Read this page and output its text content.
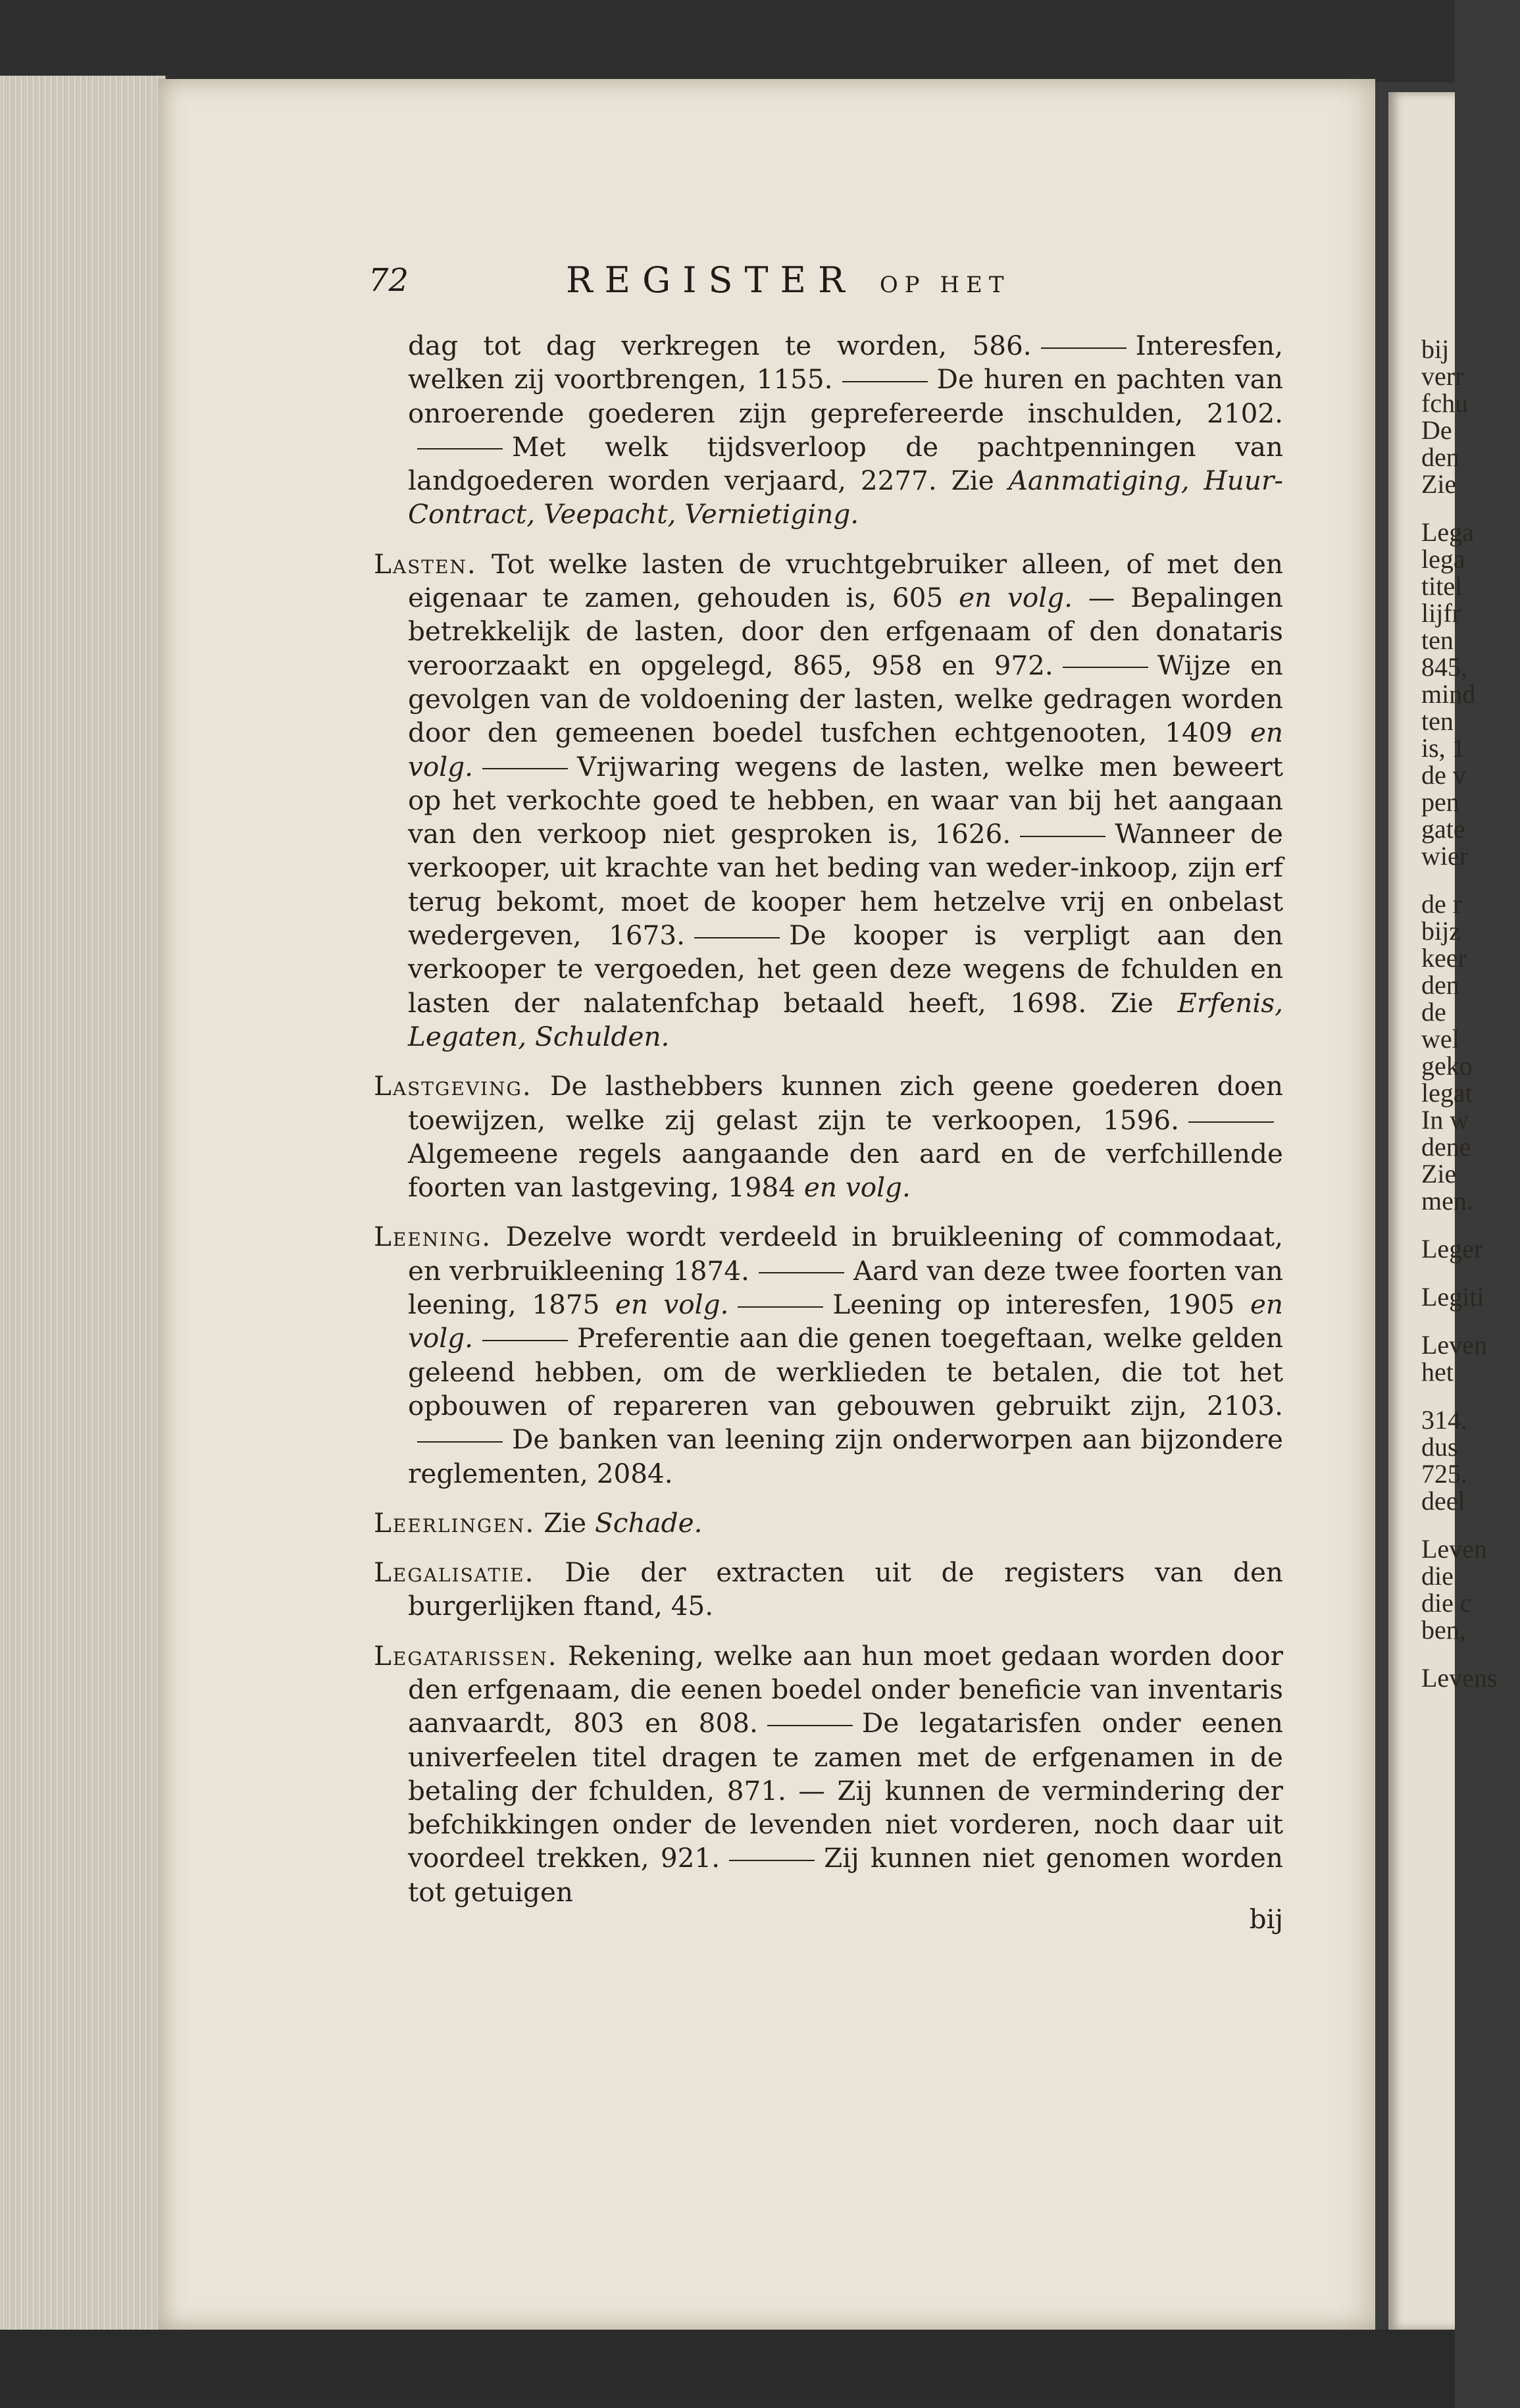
bij
verr
fchu
De
den
Zie
Lega
lega
titel
lijfr
ten
845,
mind
ten
is, 1
de v
pen
gate
wier
de r
bijz
keer
den
de
wel
geko
legat
In w
dene
Zie
men.
Leger
Legiti
Leven
het
314.
dus
725.
deel
Leven
die
die c
ben,
Levens
72	REGISTER OP HET

dag tot dag verkregen te worden, 586.	Interesfen, welken zij voortbrengen, 1155.	De huren en pachten van onroerende goederen zijn geprefereerde inschulden, 2102.Met welk tijdsverloop de pachtpenningen van landgoederen worden verjaard, 2277. Zie Aanmatiging, Huur-Contract, Veepacht, Vernietiging.

Lasten. Tot welke lasten de vruchtgebruiker alleen, of met den eigenaar te zamen, gehouden is, 605 en volg. — Bepalingen betrekkelijk de lasten, door den erfgenaam of den donataris veroorzaakt en opgelegd, 865, 958 en 972.	Wijze en gevolgen van de voldoening der lasten, welke gedragen worden door den gemeenen boedel tusfchen echtgenooten, 1409 en volg.	Vrijwaring wegens de lasten, welke men beweert op het verkochte goed te hebben, en waar van bij het aangaan van den verkoop niet gesproken is, 1626.	Wanneer de verkooper, uit krachte van het beding van weder-inkoop, zijn erf terug bekomt, moet de kooper hem hetzelve vrij en onbelast wedergeven, 1673.	De kooper is verpligt aan den verkooper te vergoeden, het geen deze wegens de fchulden en lasten der nalatenfchap betaald heeft, 1698. Zie Erfenis, Legaten, Schulden.

Lastgeving. De lasthebbers kunnen zich geene goederen doen toewijzen, welke zij gelast zijn te verkoopen, 1596.Algemeene regels aangaande den aard en de verfchillende foorten van lastgeving, 1984 en volg.

Leening. Dezelve wordt verdeeld in bruikleening of commodaat, en verbruikleening 1874.	Aard van deze twee foorten van leening, 1875 en volg.	Leening op interesfen, 1905 en volg.	Preferentie aan die genen toegeftaan, welke gelden geleend hebben, om de werklieden te betalen, die tot het opbouwen of repareren van gebouwen gebruikt zijn, 2103.De banken van leening zijn onderworpen aan bijzondere reglementen, 2084.

Leerlingen. Zie Schade.

Legalisatie. Die der extracten uit de registers van den burgerlijken ftand, 45.

Legatarissen. Rekening, welke aan hun moet gedaan worden door den erfgenaam, die eenen boedel onder beneficie van inventaris aanvaardt, 803 en 808.	De legatarisfen onder eenen univerfeelen titel dragen te zamen met de erfgenamen in de betaling der fchulden, 871. — Zij kunnen de vermindering der befchikkingen onder de levenden niet vorderen, noch daar uit voordeel trekken, 921.	Zij kunnen niet genomen worden tot getuigen

bij
